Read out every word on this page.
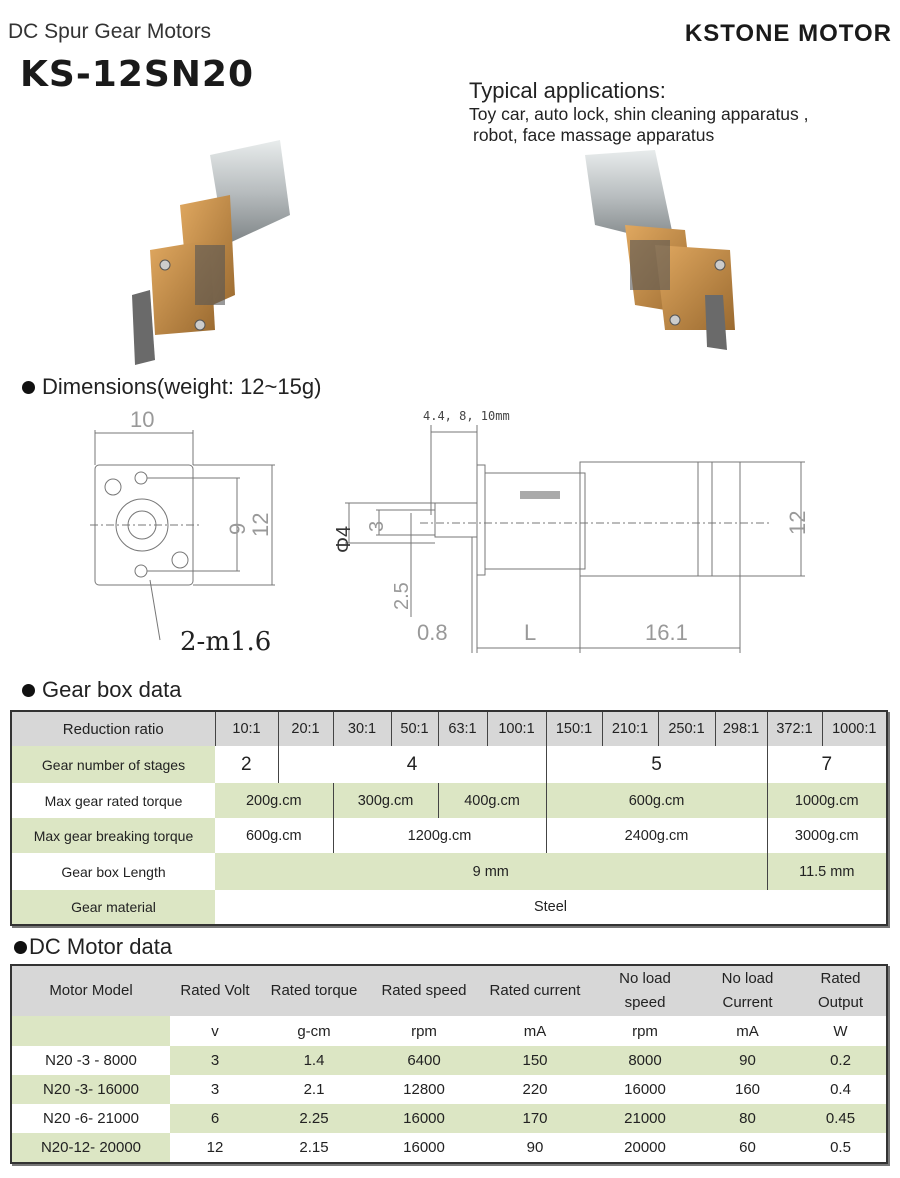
DC Spur Gear Motors	KSTONE MOTOR
KS-12SN20	Typical applications:
Toy car, auto lock, shin cleaning apparatus ,
robot, face massage apparatus
Dimensions(weight: 12~15g)
10
9
12
2-m1.6
4.4, 8, 10mm
Φ4 3
2.5
0.8	L	16.1
12
Gear box data
Reduction ratio	10:1	20:1	30:1	50:1	63:1	100:1	150:1	210:1	250:1	298:1	372:1	1000:1
Gear number of stages	2	4					5				7	
Max gear rated torque	200g.cm		300g.cm		400g.cm		600g.cm				1000g.cm	
Max gear breaking torque	600g.cm		1200g.cm				2400g.cm				3000g.cm	
Gear box Length	9 mm										11.5 mm	
Gear material	Steel											
DC Motor data
Motor Model	Rated Volt	Rated torque	Rated speed	Rated current	No load speed	No load Current	Rated Output
	v	g-cm	rpm	mA	rpm	mA	W
N20 -3 - 8000	3	1.4	6400	150	8000	90	0.2
N20 -3- 16000	3	2.1	12800	220	16000	160	0.4
N20 -6- 21000	6	2.25	16000	170	21000	80	0.45
N20-12- 20000	12	2.15	16000	90	20000	60	0.5
